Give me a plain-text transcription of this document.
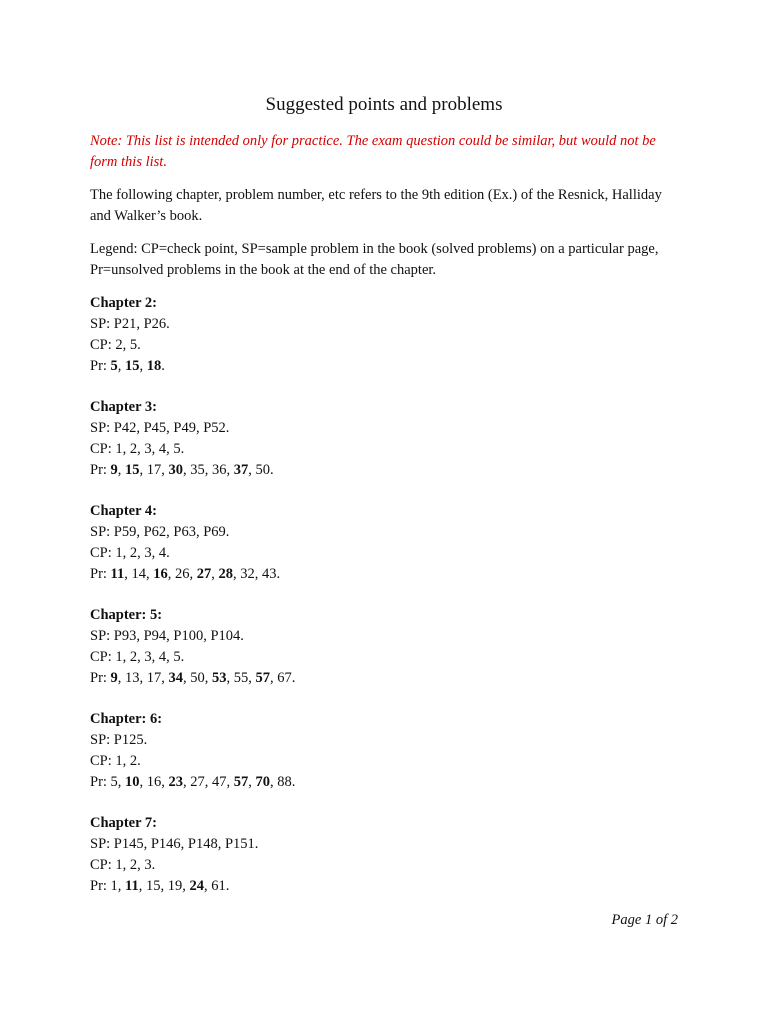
Suggested points and problems

Note: This list is intended only for practice. The exam question could be similar, but would not be form this list.

The following chapter, problem number, etc refers to the 9th edition (Ex.) of the Resnick, Halliday and Walker’s book.

Legend: CP=check point, SP=sample problem in the book (solved problems) on a particular page, Pr=unsolved problems in the book at the end of the chapter.

Chapter 2:
SP: P21, P26.
CP: 2, 5.
Pr: 5, 15, 18.
Chapter 3:
SP: P42, P45, P49, P52.
CP: 1, 2, 3, 4, 5.
Pr: 9, 15, 17, 30, 35, 36, 37, 50.
Chapter 4:
SP: P59, P62, P63, P69.
CP: 1, 2, 3, 4.
Pr: 11, 14, 16, 26, 27, 28, 32, 43.
Chapter: 5:
SP: P93, P94, P100, P104.
CP: 1, 2, 3, 4, 5.
Pr: 9, 13, 17, 34, 50, 53, 55, 57, 67.
Chapter: 6:
SP: P125.
CP: 1, 2.
Pr: 5, 10, 16, 23, 27, 47, 57, 70, 88.
Chapter 7:
SP: P145, P146, P148, P151.
CP: 1, 2, 3.
Pr: 1, 11, 15, 19, 24, 61.
Page 1 of 2
